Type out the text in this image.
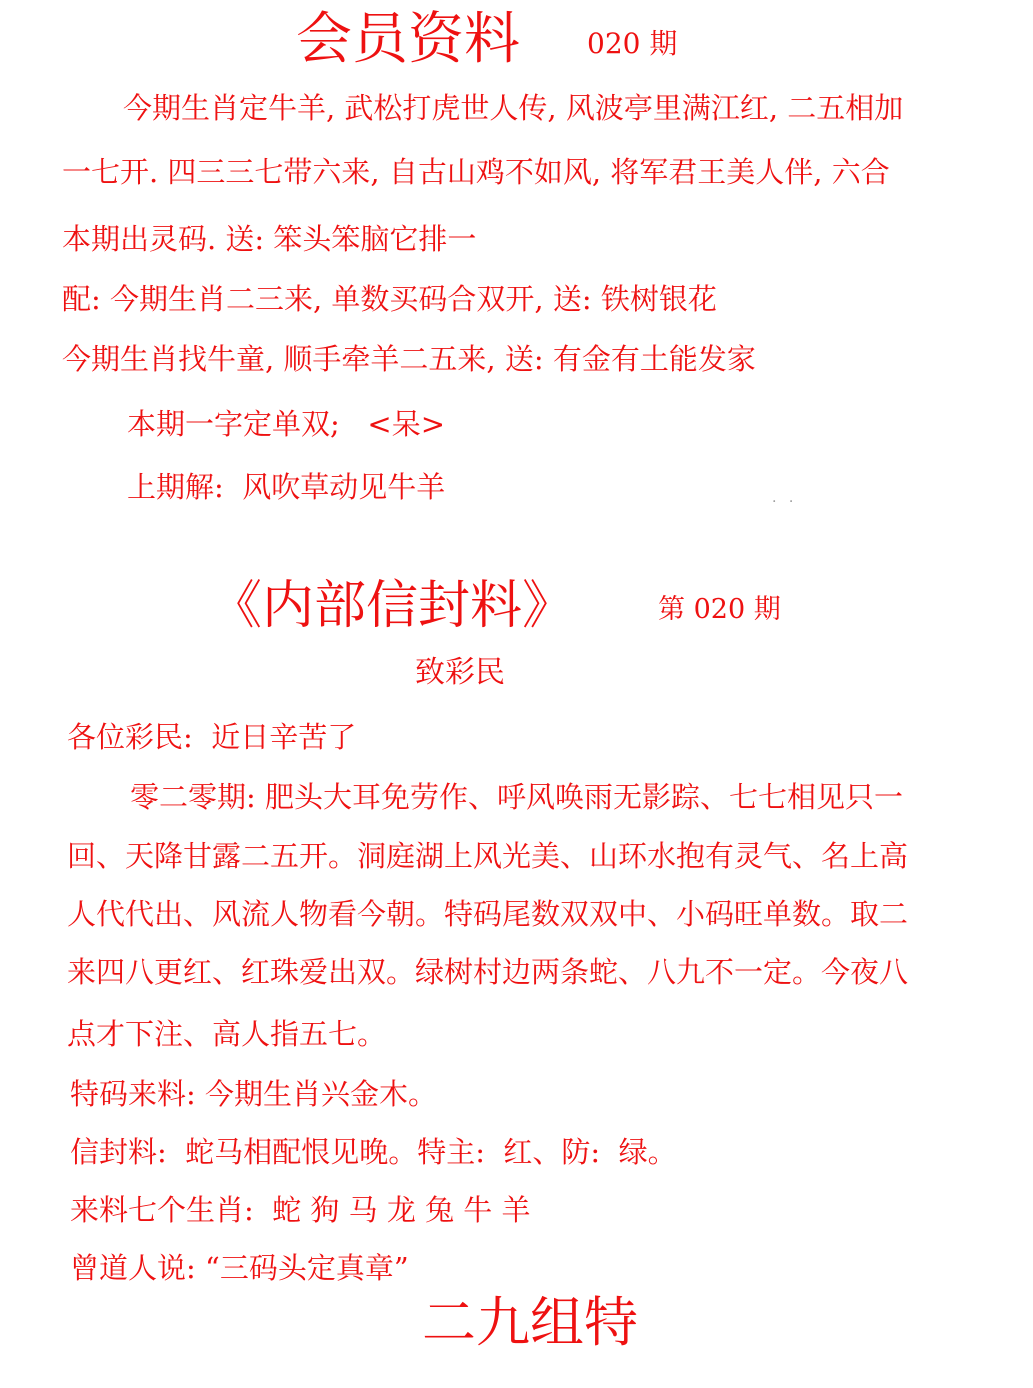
会员资料 020 期
今期生肖定牛羊, 武松打虎世人传, 风波亭里满江红, 二五相加
一七开. 四三三七带六来, 自古山鸡不如风, 将军君王美人伴, 六合
本期出灵码. 送: 笨头笨脑它排一
配: 今期生肖二三来, 单数买码合双开, 送: 铁树银花
今期生肖找牛童, 顺手牵羊二五来, 送: 有金有土能发家
本期一字定单双;   <呆>
上期解:  风吹草动见牛羊	. .
《内部信封料》	第 020 期
致彩民
各位彩民:  近日辛苦了
零二零期: 肥头大耳免劳作、呼风唤雨无影踪、七七相见只一
回、天降甘露二五开。洞庭湖上风光美、山环水抱有灵气、名上高
人代代出、风流人物看今朝。特码尾数双双中、小码旺单数。取二
来四八更红、红珠爱出双。绿树村边两条蛇、八九不一定。今夜八
点才下注、高人指五七。
特码来料: 今期生肖兴金木。
信封料:  蛇马相配恨见晚。特主:  红、防:  绿。
来料七个生肖:  蛇 狗 马 龙 兔 牛 羊
曾道人说: “三码头定真章”
二九组特
